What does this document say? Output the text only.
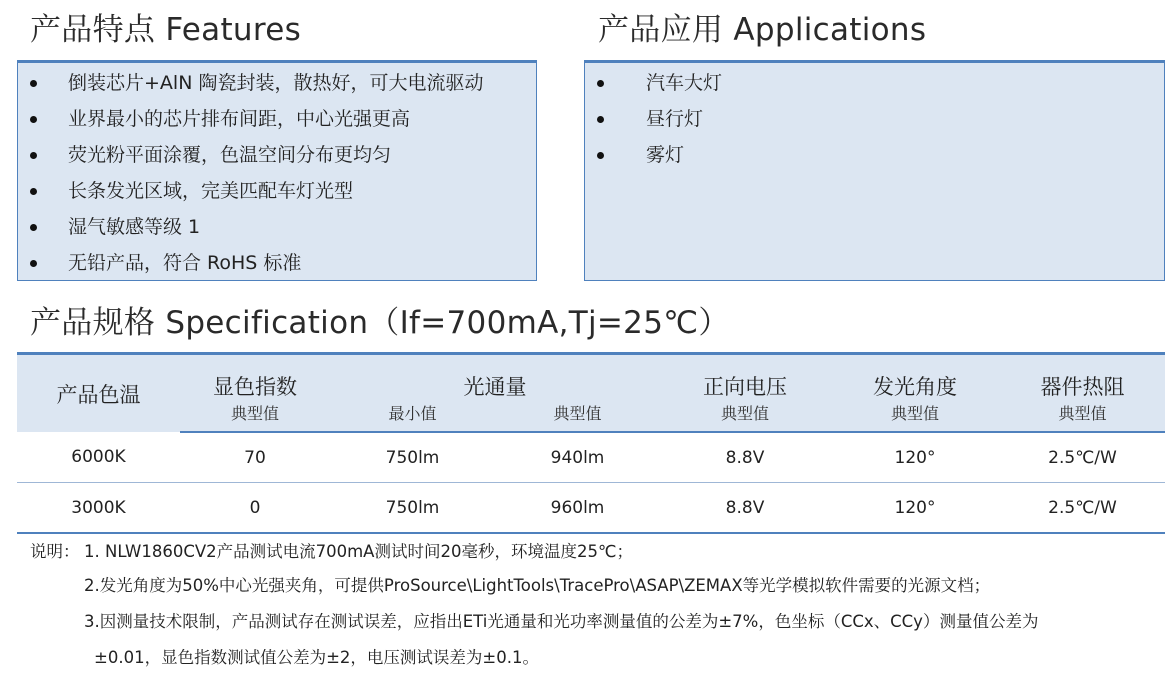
产品特点 Features
倒装芯片+AlN 陶瓷封装，散热好，可大电流驱动
业界最小的芯片排布间距，中心光强更高
荧光粉平面涂覆，色温空间分布更均匀
长条发光区域，完美匹配车灯光型
湿气敏感等级 1
无铅产品，符合 RoHS 标准
产品应用 Applications
汽车大灯
昼行灯
雾灯
产品规格 Specification（If=700mA,Tj=25℃）
产品色温	显色指数	光通量		正向电压	发光角度	器件热阻
	典型值	最小值	典型值	典型值	典型值	典型值
6000K	70	750lm	940lm	8.8V	120°	2.5℃/W
3000K	0	750lm	960lm	8.8V	120°	2.5℃/W
说明： 1. NLW1860CV2产品测试电流700mA测试时间20毫秒，环境温度25℃；
2.发光角度为50%中心光强夹角，可提供ProSource\LightTools\TracePro\ASAP\ZEMAX等光学模拟软件需要的光源文档；
3.因测量技术限制，产品测试存在测试误差，应指出ETi光通量和光功率测量值的公差为±7%，色坐标（CCx、CCy）测量值公差为
±0.01，显色指数测试值公差为±2，电压测试误差为±0.1。
